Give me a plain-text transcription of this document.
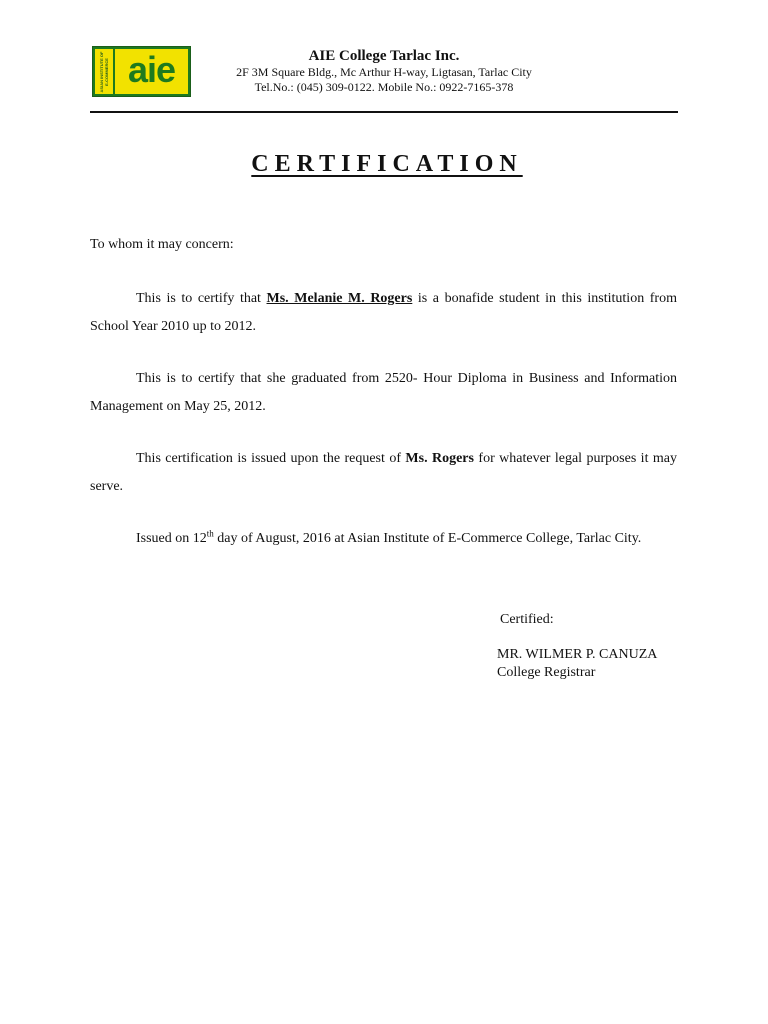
ASIAN INSTITUTE OF E-COMMERCE aie	AIE College Tarlac Inc.
2F 3M Square Bldg., Mc Arthur H-way, Ligtasan, Tarlac City
Tel.No.: (045) 309-0122. Mobile No.: 0922-7165-378
CERTIFICATION
To whom it may concern:
This is to certify that Ms. Melanie M. Rogers is a bonafide student in this institution from School Year 2010 up to 2012.
This is to certify that she graduated from 2520- Hour Diploma in Business and Information Management on May 25, 2012.
This certification is issued upon the request of Ms. Rogers for whatever legal purposes it may serve.
Issued on 12th day of August, 2016 at Asian Institute of E-Commerce College, Tarlac City.
Certified:
MR. WILMER P. CANUZA
College Registrar
